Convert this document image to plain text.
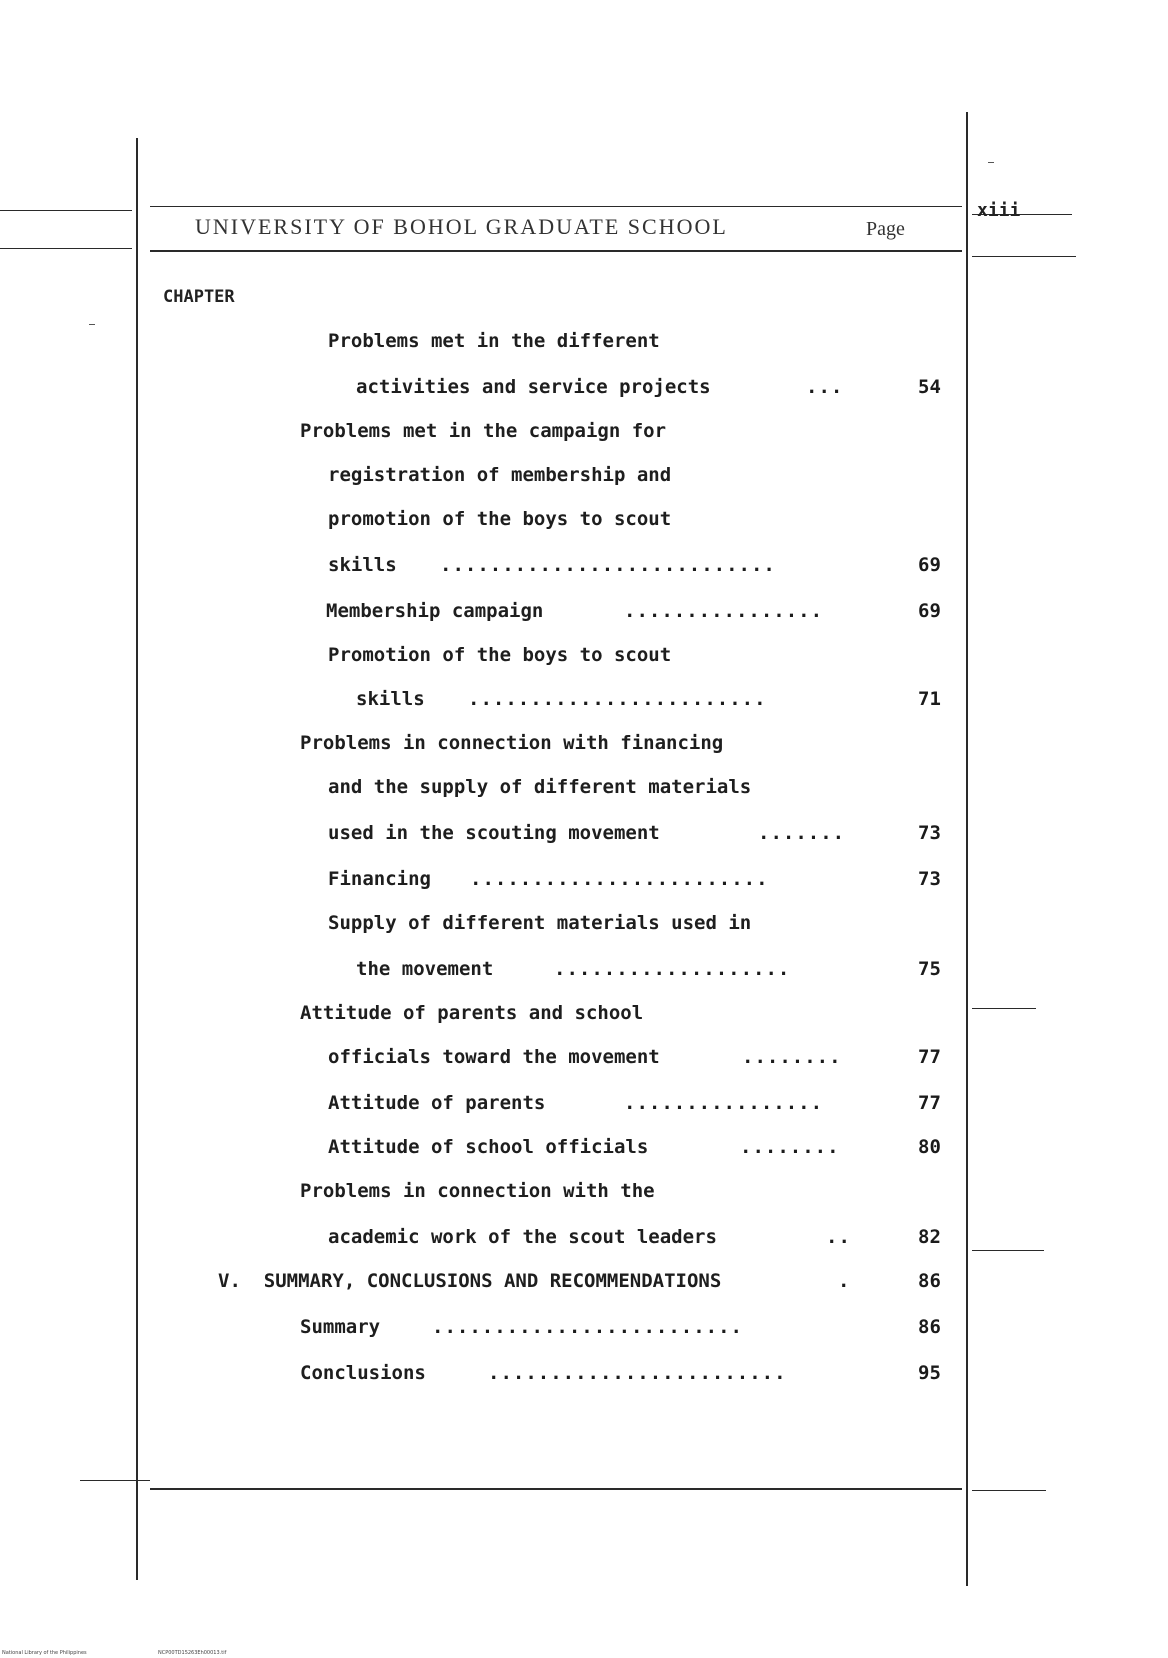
UNIVERSITY OF BOHOL GRADUATE SCHOOL	Page
xiii
CHAPTER
Problems met in the different
activities and service projects	...	54
Problems met in the campaign for
registration of membership and
promotion of the boys to scout
skills ...........................	69
Membership campaign	................	69
Promotion of the boys to scout
skills ........................	71
Problems in connection with financing
and the supply of different materials
used in the scouting movement	.......	73
Financing ........................	73
Supply of different materials used in
the movement	...................	75
Attitude of parents and school
officials toward the movement	........	77
Attitude of parents	................	77
Attitude of school officials	........	80
Problems in connection with the
academic work of the scout leaders	..	82
V.  SUMMARY, CONCLUSIONS AND RECOMMENDATIONS	.	86
Summary	.........................	86
Conclusions	........................	95
National Library of the Philippines	NCP00TD15263Eh00013.tif
